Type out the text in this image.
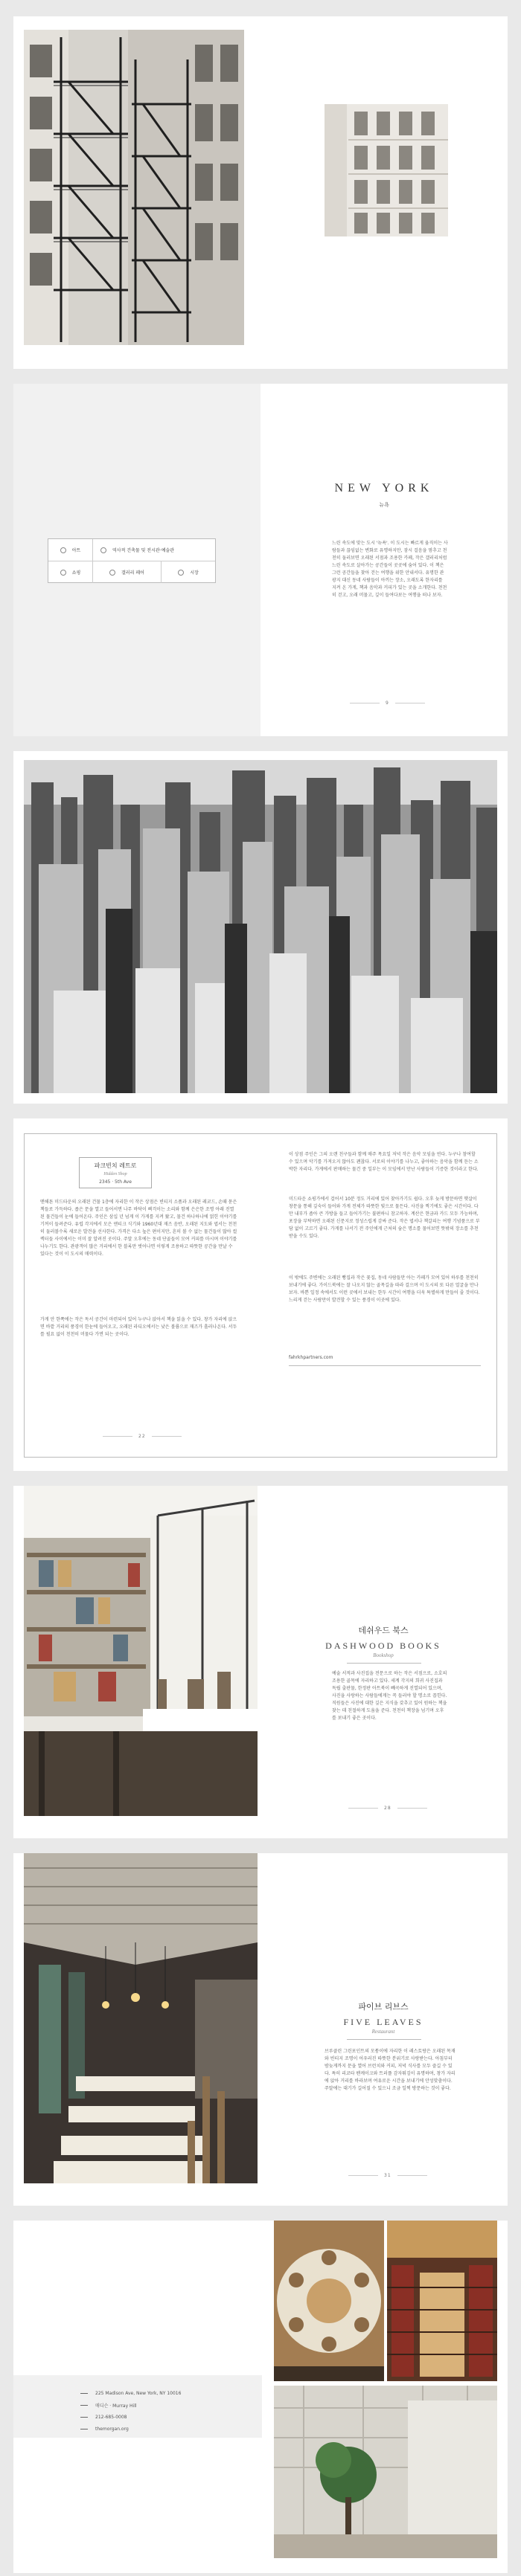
아트	역사적 건축물 및 전시관·예술관
쇼핑	갤러리 페어	시장
NEW YORK
뉴욕
느린 속도에 맞는 도시 '뉴욕'. 이 도시는 빠르게 움직이는 사람들과 끊임없는 변화로 유명하지만, 잠시 걸음을 멈추고 천천히 둘러보면 오래된 서점과 조용한 카페, 작은 갤러리처럼 느린 속도로 살아가는 공간들이 곳곳에 숨어 있다. 이 책은 그런 공간들을 찾아 걷는 여행을 위한 안내서다. 유명한 관광지 대신 동네 사람들이 아끼는 장소, 오래도록 한자리를 지켜 온 가게, 책과 음악과 커피가 있는 곳을 소개한다. 천천히 걷고, 오래 머물고, 깊이 들여다보는 여행을 떠나 보자.
9
파크빈치 레트로
Hidden Shop
2345 · 5th Ave
맨해튼 미드타운의 오래된 건물 1층에 자리한 이 작은 상점은 빈티지 소품과 오래된 레코드, 손때 묻은 책들로 가득하다. 좁은 문을 열고 들어서면 나무 바닥이 삐걱이는 소리와 함께 은은한 조명 아래 진열된 물건들이 눈에 들어온다. 주인은 삼십 년 넘게 이 가게를 지켜 왔고, 물건 하나하나에 얽힌 이야기를 기꺼이 들려준다. 유럽 각지에서 모은 앤티크 식기와 1960년대 재즈 음반, 오래된 지도와 엽서는 천천히 둘러볼수록 새로운 발견을 선사한다. 가격은 다소 높은 편이지만, 흔히 볼 수 없는 물건들이 많아 컬렉터들 사이에서는 이미 잘 알려진 곳이다. 주말 오후에는 동네 단골들이 모여 커피를 마시며 이야기를 나누기도 한다. 관광객이 많은 거리에서 한 블록만 벗어나면 이렇게 조용하고 따뜻한 공간을 만날 수 있다는 것이 이 도시의 매력이다.
가게 안 한쪽에는 작은 독서 공간이 마련되어 있어 누구나 앉아서 책을 읽을 수 있다. 창가 자리에 앉으면 바깥 거리의 풍경이 한눈에 들어오고, 오래된 라디오에서는 낮은 볼륨으로 재즈가 흘러나온다. 서두를 필요 없이 천천히 머물다 가면 되는 곳이다.
22
이 상점 주인은 그의 오랜 친구들과 함께 매주 목요일 저녁 작은 음악 모임을 연다. 누구나 참여할 수 있으며 악기를 가져오지 않아도 괜찮다. 서로의 이야기를 나누고, 좋아하는 음악을 함께 듣는 소박한 자리다. 가게에서 판매하는 물건 중 일부는 이 모임에서 만난 사람들이 기증한 것이라고 한다.
미드타운 쇼핑가에서 걸어서 10분 정도 거리에 있어 찾아가기도 쉽다. 오후 늦게 방문하면 햇살이 창문을 통해 깊숙이 들어와 가게 전체가 따뜻한 빛으로 물든다. 사진을 찍기에도 좋은 시간이다. 다만 내부가 좁아 큰 가방을 들고 들어가기는 불편하니 참고하자. 계산은 현금과 카드 모두 가능하며, 포장을 부탁하면 오래된 신문지로 정성스럽게 감싸 준다. 작은 엽서나 책갈피는 여행 기념품으로 부담 없이 고르기 좋다. 가게를 나서기 전 주인에게 근처의 숨은 명소를 물어보면 뜻밖의 장소를 추천받을 수도 있다.
이 밖에도 주변에는 오래된 빵집과 작은 꽃집, 동네 사람들만 아는 카페가 모여 있어 하루를 천천히 보내기에 좋다. 가이드북에는 잘 나오지 않는 골목길을 따라 걸으며 이 도시의 또 다른 얼굴을 만나 보자. 바쁜 일정 속에서도 이런 곳에서 보내는 한두 시간이 여행을 더욱 특별하게 만들어 줄 것이다. 느리게 걷는 사람만이 발견할 수 있는 풍경이 이곳에 있다.
fahrkhpartners.com
데쉬우드 북스
DASHWOOD BOOKS
Bookshop
예술 서적과 사진집을 전문으로 하는 작은 서점으로, 소호의 조용한 골목에 자리하고 있다. 세계 각지의 희귀 사진집과 독립 출판물, 한정판 아트북이 빼곡하게 진열되어 있으며, 사진을 사랑하는 사람들에게는 꼭 들러야 할 명소로 꼽힌다. 직원들은 사진에 대한 깊은 지식을 갖추고 있어 원하는 책을 찾는 데 친절하게 도움을 준다. 천천히 책장을 넘기며 오후를 보내기 좋은 곳이다.
28
파이브 리브스
FIVE LEAVES
Restaurant
브루클린 그린포인트의 모퉁이에 자리한 이 레스토랑은 오래된 목재와 빈티지 조명이 어우러진 따뜻한 분위기로 사랑받는다. 아침부터 밤늦게까지 문을 열어 브런치와 커피, 저녁 식사를 모두 즐길 수 있다. 특히 리코타 팬케이크와 트러플 감자튀김이 유명하며, 창가 자리에 앉아 거리를 바라보며 여유로운 시간을 보내기에 안성맞춤이다. 주말에는 대기가 길어질 수 있으니 조금 일찍 방문하는 것이 좋다.
31
225 Madison Ave, New York, NY 10016
매디슨 · Murray Hill
212-685-0008
themorgan.org
